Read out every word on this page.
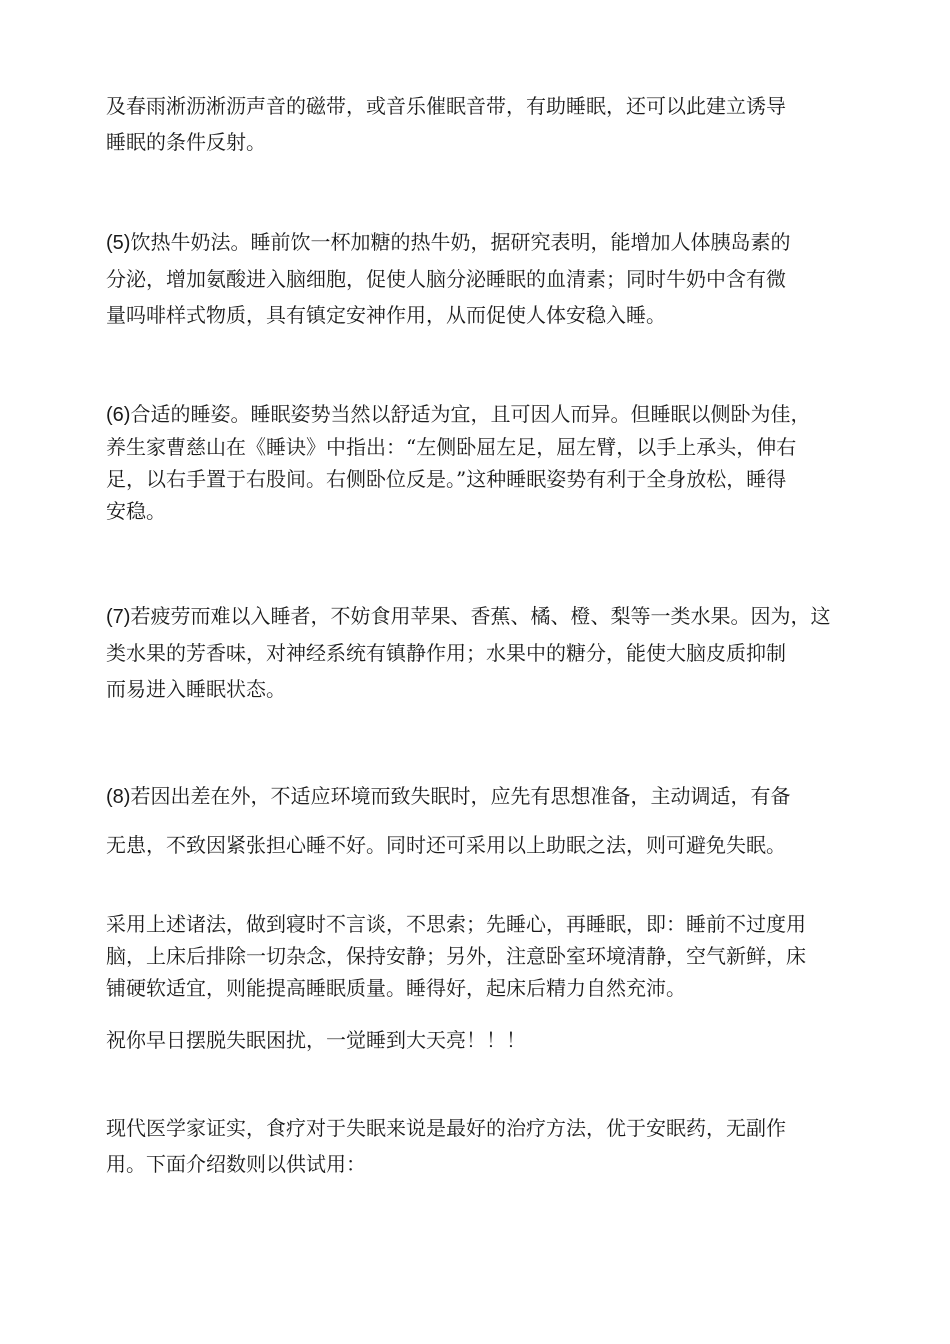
及春雨淅沥淅沥声音的磁带，或音乐催眠音带，有助睡眠，还可以此建立诱导
睡眠的条件反射。

(5)饮热牛奶法。睡前饮一杯加糖的热牛奶，据研究表明，能增加人体胰岛素的
分泌，增加氨酸进入脑细胞，促使人脑分泌睡眠的血清素；同时牛奶中含有微
量吗啡样式物质，具有镇定安神作用，从而促使人体安稳入睡。

(6)合适的睡姿。睡眠姿势当然以舒适为宜，且可因人而异。但睡眠以侧卧为佳，
养生家曹慈山在《睡诀》中指出：“左侧卧屈左足，屈左臂，以手上承头，伸右
足，以右手置于右股间。右侧卧位反是。”这种睡眠姿势有利于全身放松，睡得
安稳。

(7)若疲劳而难以入睡者，不妨食用苹果、香蕉、橘、橙、梨等一类水果。因为，这
类水果的芳香味，对神经系统有镇静作用；水果中的糖分，能使大脑皮质抑制
而易进入睡眠状态。

(8)若因出差在外，不适应环境而致失眠时，应先有思想准备，主动调适，有备
无患，不致因紧张担心睡不好。同时还可采用以上助眠之法，则可避免失眠。

采用上述诸法，做到寝时不言谈，不思索；先睡心，再睡眠，即：睡前不过度用
脑，上床后排除一切杂念，保持安静；另外，注意卧室环境清静，空气新鲜，床
铺硬软适宜，则能提高睡眠质量。睡得好，起床后精力自然充沛。

祝你早日摆脱失眠困扰，一觉睡到大天亮！！！

现代医学家证实，食疗对于失眠来说是最好的治疗方法，优于安眠药，无副作
用。下面介绍数则以供试用：
